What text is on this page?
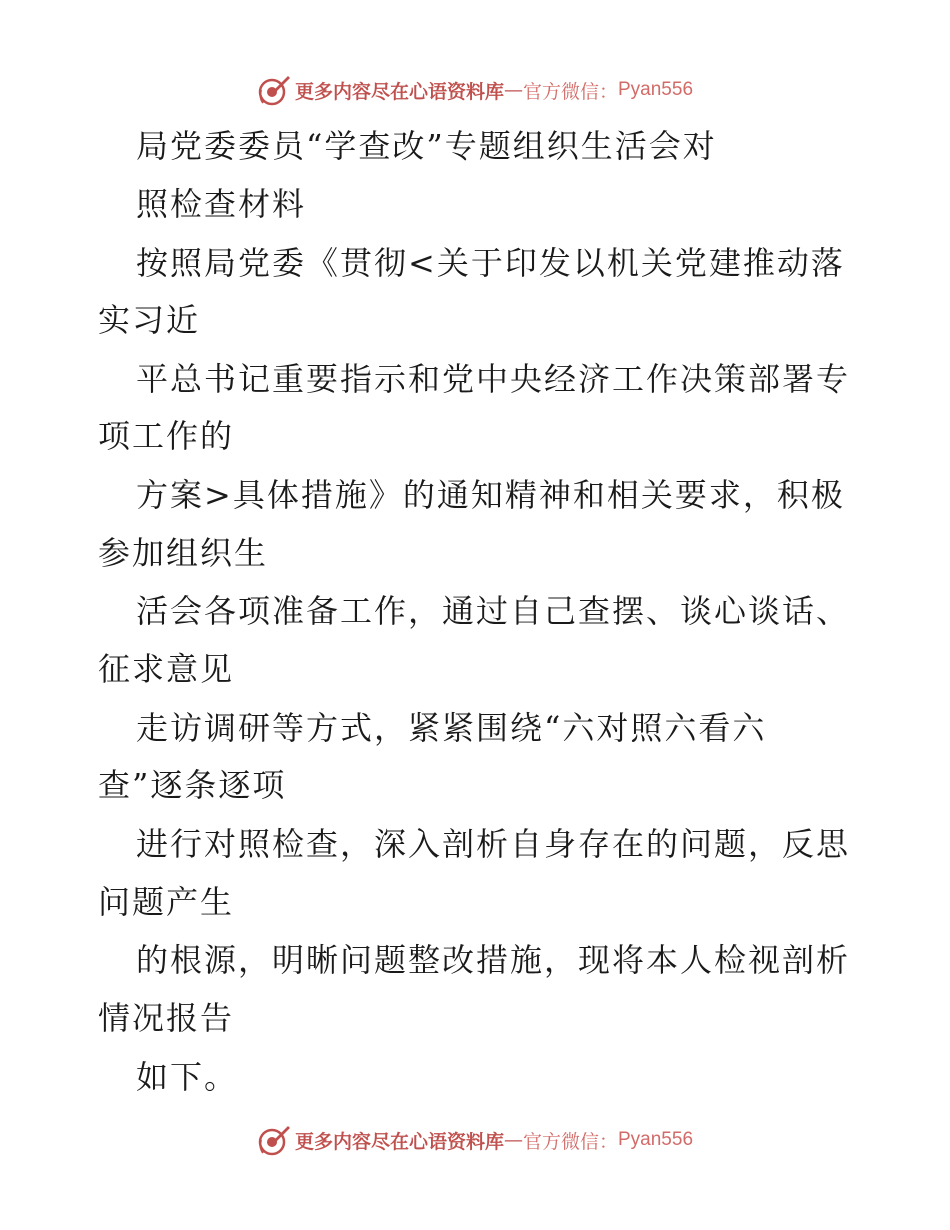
更多内容尽在心语资料库 — 官方微信： Pyan556
局党委委员“学查改”专题组织生活会对
照检查材料
按照局党委《贯彻<关于印发以机关党建推动落
实习近
平总书记重要指示和党中央经济工作决策部署专
项工作的
方案>具体措施》的通知精神和相关要求，积极
参加组织生
活会各项准备工作，通过自己查摆、谈心谈话、
征求意见
走访调研等方式，紧紧围绕“六对照六看六
查”逐条逐项
进行对照检查，深入剖析自身存在的问题，反思
问题产生
的根源，明晰问题整改措施，现将本人检视剖析
情况报告
如下。
更多内容尽在心语资料库 — 官方微信： Pyan556
